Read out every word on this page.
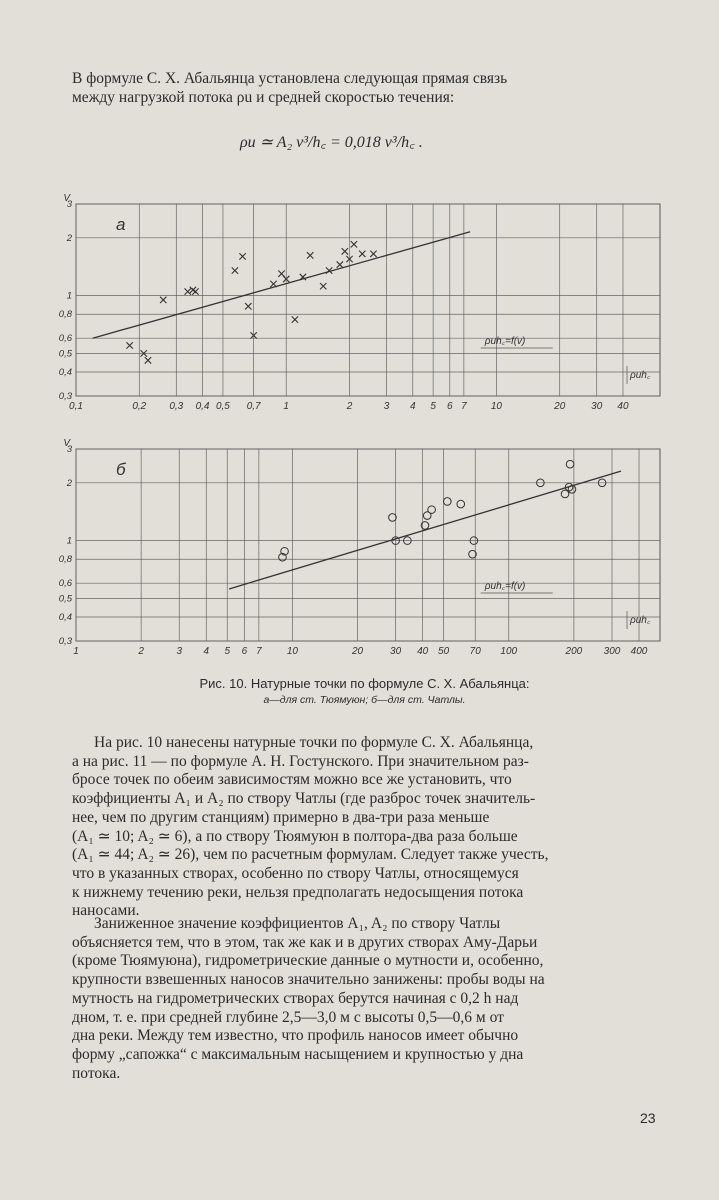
В формуле С. Х. Абальянца установлена следующая прямая связь
между нагрузкой потока ρu и средней скоростью течения:

ρu ≃ A₂ v³/h꜀ = 0,018 v³/h꜀ .
0,1	0,2 0,3 0,4 0,5 0,7 1	2	3 4 5 6 7 10	20	30 40
0,3
0,4
0,5
0,6
0,8
1
2
3
V
а
ρuh꜀=f(v)
ρuh꜀
1	2	3 4 5 6 7	10	20	30 40 50 70 100	200 300 400
0,3
0,4
0,5
0,6
0,8
1
2
3
V
б
ρuh꜀=f(v)
ρuh꜀
Рис. 10. Натурные точки по формуле С. Х. Абальянца:
а—для ст. Тюямуюн; б—для ст. Чатлы.

На рис. 10 нанесены натурные точки по формуле С. Х. Абальянца,
а на рис. 11 — по формуле А. Н. Гостунского. При значительном раз-
бросе точек по обеим зависимостям можно все же установить, что
коэффициенты A₁ и A₂ по створу Чатлы (где разброс точек значитель-
нее, чем по другим станциям) примерно в два-три раза меньше
(A₁ ≃ 10; A₂ ≃ 6), а по створу Тюямуюн в полтора-два раза больше
(A₁ ≃ 44; A₂ ≃ 26), чем по расчетным формулам. Следует также учесть,
что в указанных створах, особенно по створу Чатлы, относящемуся
к нижнему течению реки, нельзя предполагать недосыщения потока
наносами.

Заниженное значение коэффициентов A₁, A₂ по створу Чатлы
объясняется тем, что в этом, так же как и в других створах Аму-Дарьи
(кроме Тюямуюна), гидрометрические данные о мутности и, особенно,
крупности взвешенных наносов значительно занижены: пробы воды на
мутность на гидрометрических створах берутся начиная с 0,2 h над
дном, т. е. при средней глубине 2,5—3,0 м с высоты 0,5—0,6 м от
дна реки. Между тем известно, что профиль наносов имеет обычно
форму „сапожка“ с максимальным насыщением и крупностью у дна
потока.

23
